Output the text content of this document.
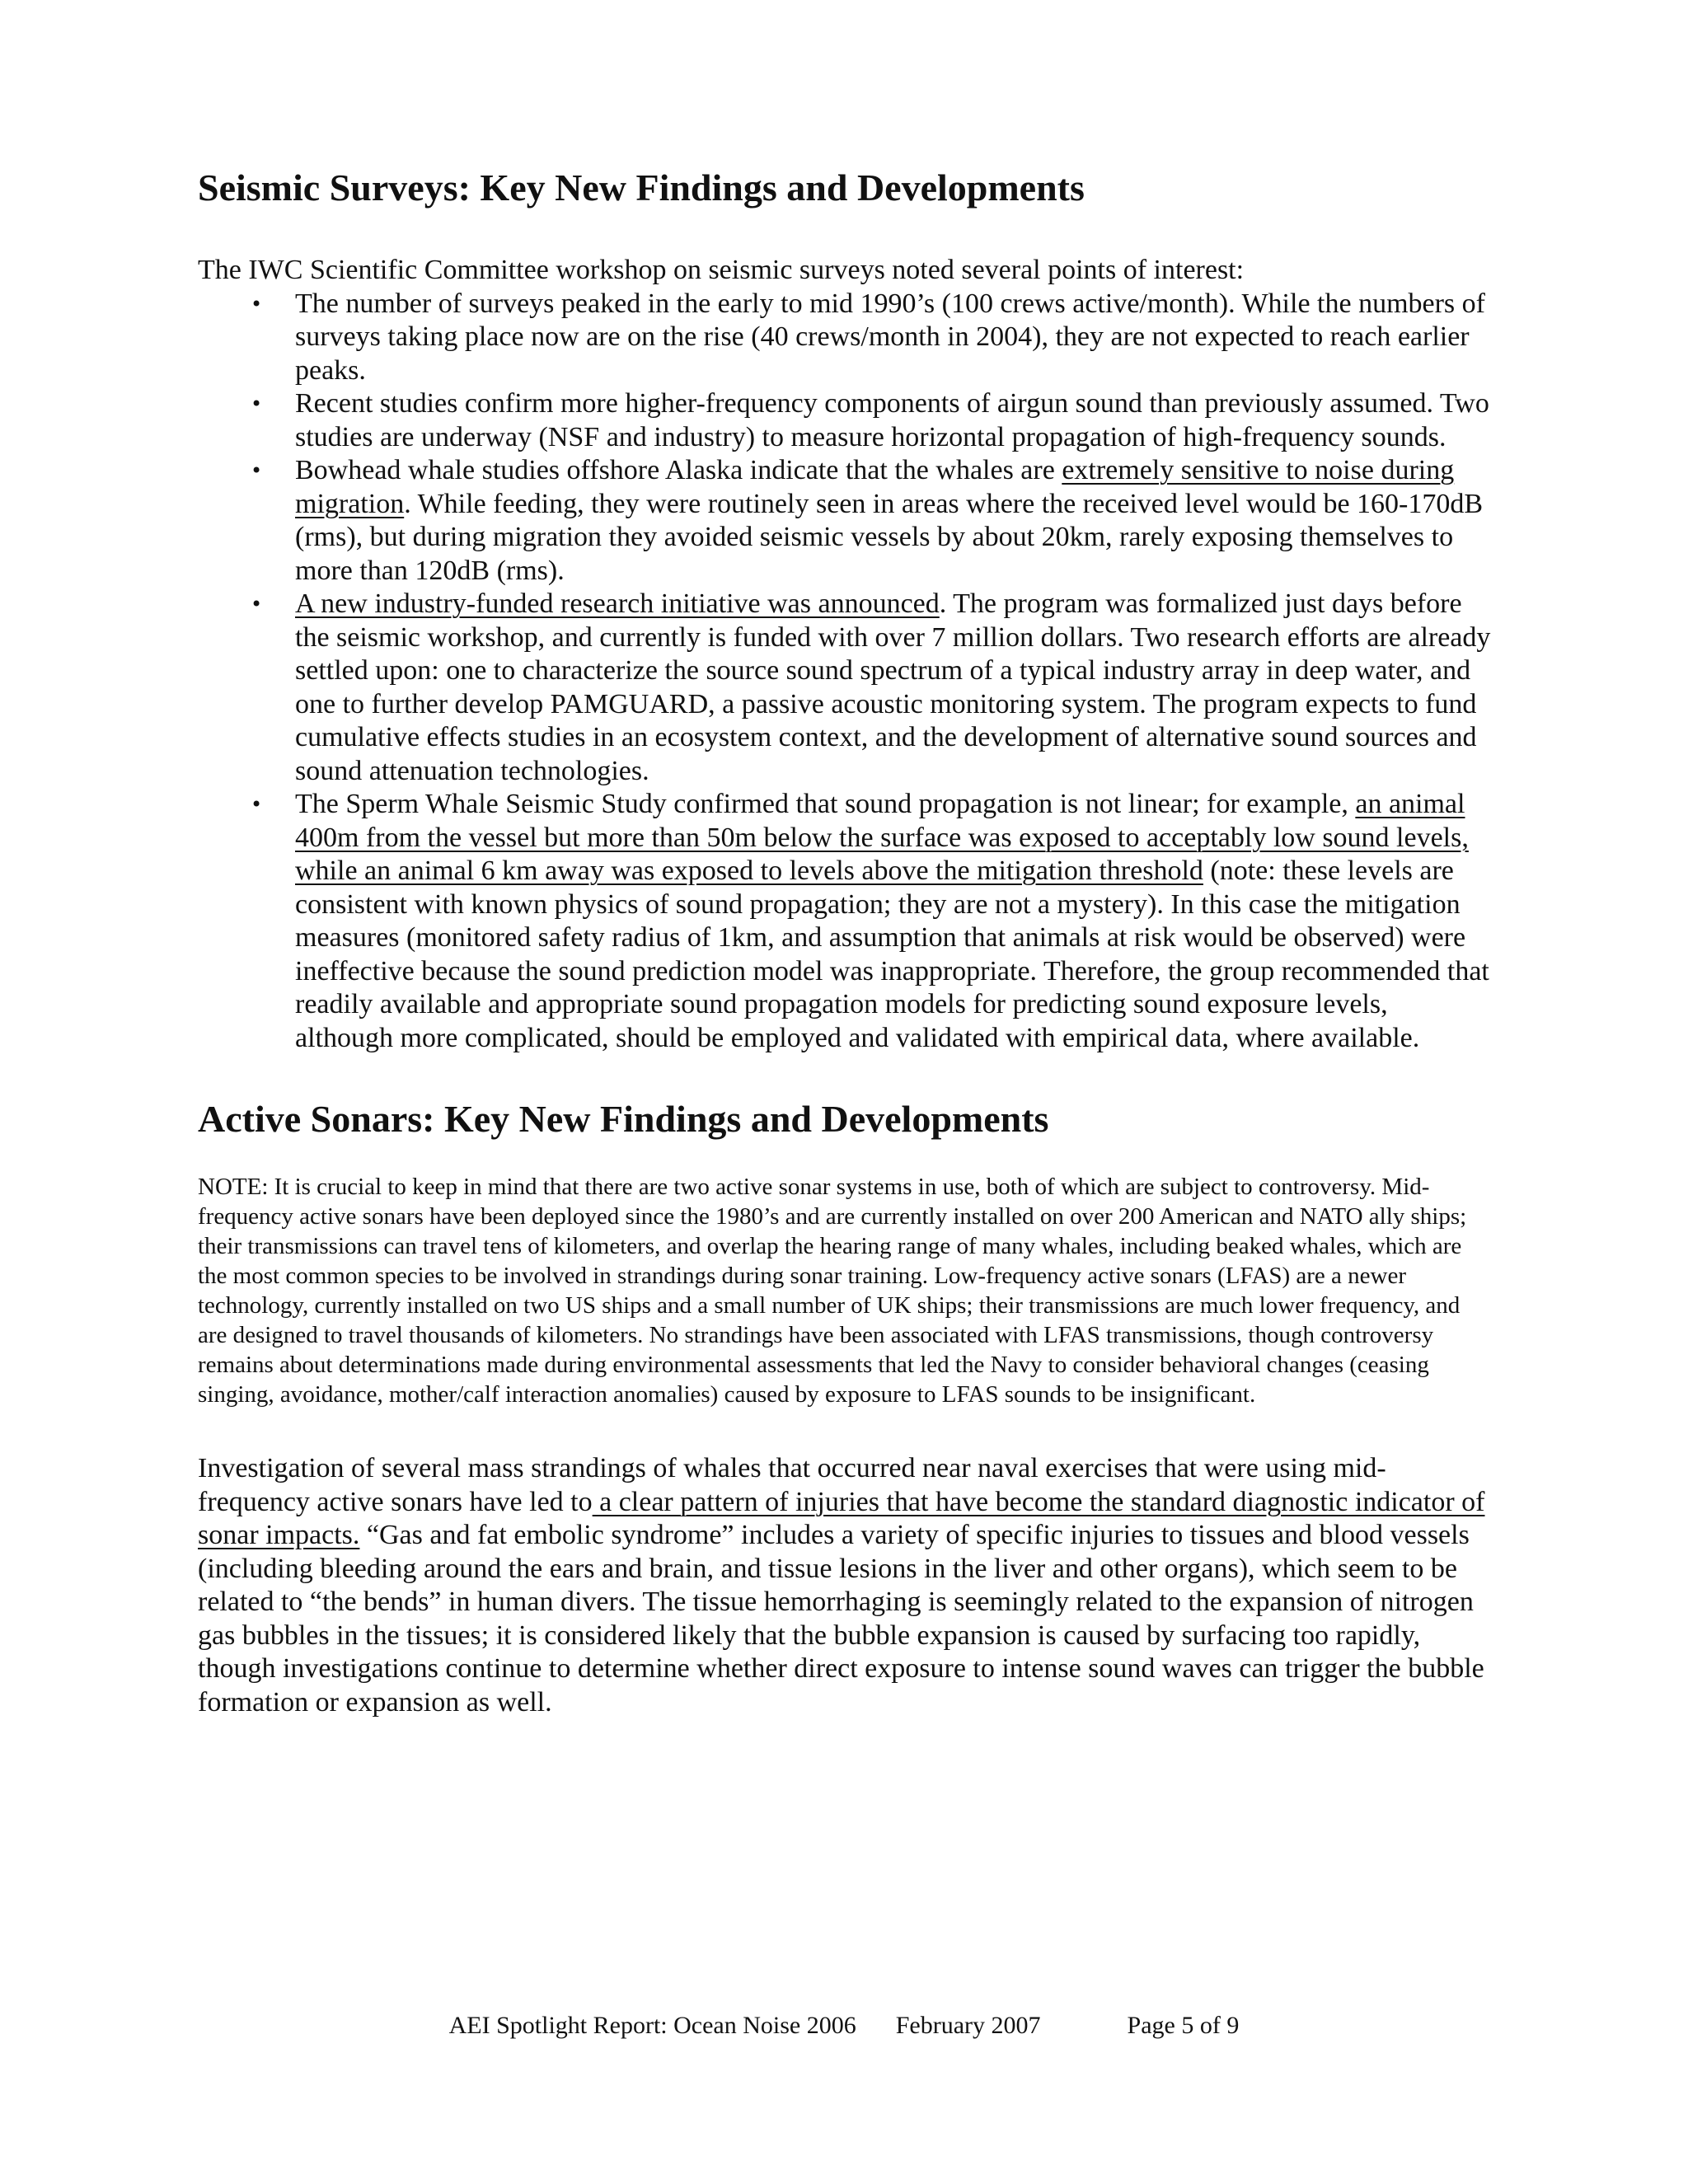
Seismic Surveys: Key New Findings and Developments

The IWC Scientific Committee workshop on seismic surveys noted several points of interest:

• The number of surveys peaked in the early to mid 1990’s (100 crews active/month). While the numbers of surveys taking place now are on the rise (40 crews/month in 2004), they are not expected to reach earlier peaks.
• Recent studies confirm more higher-frequency components of airgun sound than previously assumed. Two studies are underway (NSF and industry) to measure horizontal propagation of high-frequency sounds.
• Bowhead whale studies offshore Alaska indicate that the whales are extremely sensitive to noise during migration. While feeding, they were routinely seen in areas where the received level would be 160-170dB (rms), but during migration they avoided seismic vessels by about 20km, rarely exposing themselves to more than 120dB (rms).
• A new industry-funded research initiative was announced. The program was formalized just days before the seismic workshop, and currently is funded with over 7 million dollars. Two research efforts are already settled upon: one to characterize the source sound spectrum of a typical industry array in deep water, and one to further develop PAMGUARD, a passive acoustic monitoring system. The program expects to fund cumulative effects studies in an ecosystem context, and the development of alternative sound sources and sound attenuation technologies.
• The Sperm Whale Seismic Study confirmed that sound propagation is not linear; for example, an animal 400m from the vessel but more than 50m below the surface was exposed to acceptably low sound levels, while an animal 6 km away was exposed to levels above the mitigation threshold (note: these levels are consistent with known physics of sound propagation; they are not a mystery). In this case the mitigation measures (monitored safety radius of 1km, and assumption that animals at risk would be observed) were ineffective because the sound prediction model was inappropriate. Therefore, the group recommended that readily available and appropriate sound propagation models for predicting sound exposure levels, although more complicated, should be employed and validated with empirical data, where available.
Active Sonars: Key New Findings and Developments

NOTE: It is crucial to keep in mind that there are two active sonar systems in use, both of which are subject to controversy. Mid-frequency active sonars have been deployed since the 1980’s and are currently installed on over 200 American and NATO ally ships; their transmissions can travel tens of kilometers, and overlap the hearing range of many whales, including beaked whales, which are the most common species to be involved in strandings during sonar training. Low-frequency active sonars (LFAS) are a newer technology, currently installed on two US ships and a small number of UK ships; their transmissions are much lower frequency, and are designed to travel thousands of kilometers. No strandings have been associated with LFAS transmissions, though controversy remains about determinations made during environmental assessments that led the Navy to consider behavioral changes (ceasing singing, avoidance, mother/calf interaction anomalies) caused by exposure to LFAS sounds to be insignificant.

Investigation of several mass strandings of whales that occurred near naval exercises that were using mid-frequency active sonars have led to a clear pattern of injuries that have become the standard diagnostic indicator of sonar impacts. “Gas and fat embolic syndrome” includes a variety of specific injuries to tissues and blood vessels (including bleeding around the ears and brain, and tissue lesions in the liver and other organs), which seem to be related to “the bends” in human divers. The tissue hemorrhaging is seemingly related to the expansion of nitrogen gas bubbles in the tissues; it is considered likely that the bubble expansion is caused by surfacing too rapidly, though investigations continue to determine whether direct exposure to intense sound waves can trigger the bubble formation or expansion as well.

AEI Spotlight Report: Ocean Noise 2006 February 2007	Page 5 of 9
